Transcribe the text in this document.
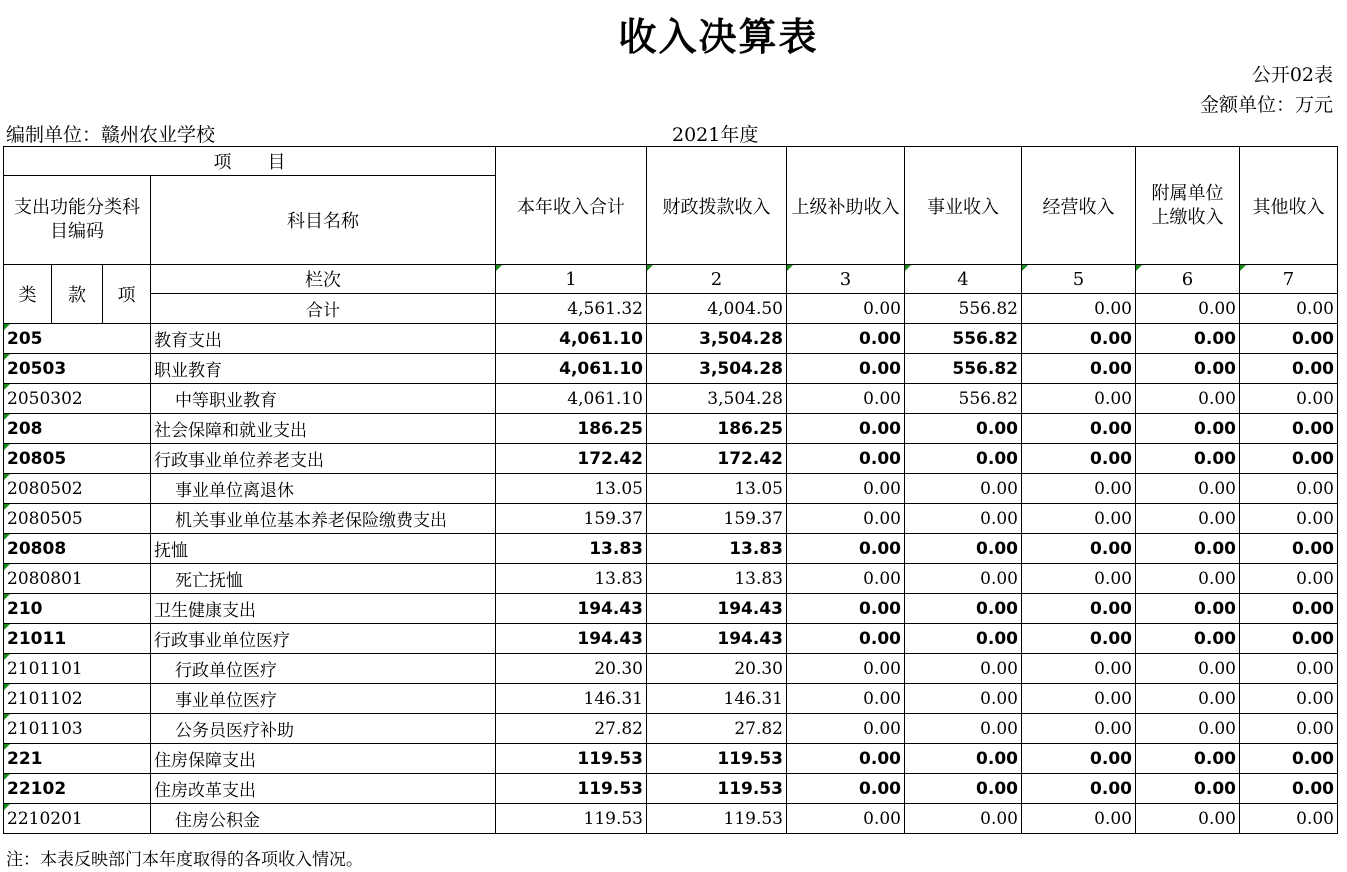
收入决算表
公开02表
金额单位：万元
编制单位：赣州农业学校	2021年度
项　　目				本年收入合计	财政拨款收入	上级补助收入	事业收入	经营收入	附属单位上缴收入	其他收入

支出功能分类科目编码			科目名称							
类	款	项	栏次	1	2	3	4	5	6	7
			合计	4,561.32	4,004.50	0.00	556.82	0.00	0.00	0.00
205			教育支出	4,061.10	3,504.28	0.00	556.82	0.00	0.00	0.00
20503			职业教育	4,061.10	3,504.28	0.00	556.82	0.00	0.00	0.00
2050302			中等职业教育	4,061.10	3,504.28	0.00	556.82	0.00	0.00	0.00
208			社会保障和就业支出	186.25	186.25	0.00	0.00	0.00	0.00	0.00
20805			行政事业单位养老支出	172.42	172.42	0.00	0.00	0.00	0.00	0.00
2080502			事业单位离退休	13.05	13.05	0.00	0.00	0.00	0.00	0.00
2080505			机关事业单位基本养老保险缴费支出	159.37	159.37	0.00	0.00	0.00	0.00	0.00
20808			抚恤	13.83	13.83	0.00	0.00	0.00	0.00	0.00
2080801			死亡抚恤	13.83	13.83	0.00	0.00	0.00	0.00	0.00
210			卫生健康支出	194.43	194.43	0.00	0.00	0.00	0.00	0.00
21011			行政事业单位医疗	194.43	194.43	0.00	0.00	0.00	0.00	0.00
2101101			行政单位医疗	20.30	20.30	0.00	0.00	0.00	0.00	0.00
2101102			事业单位医疗	146.31	146.31	0.00	0.00	0.00	0.00	0.00
2101103			公务员医疗补助	27.82	27.82	0.00	0.00	0.00	0.00	0.00
221			住房保障支出	119.53	119.53	0.00	0.00	0.00	0.00	0.00
22102			住房改革支出	119.53	119.53	0.00	0.00	0.00	0.00	0.00
2210201			住房公积金	119.53	119.53	0.00	0.00	0.00	0.00	0.00
注：本表反映部门本年度取得的各项收入情况。
